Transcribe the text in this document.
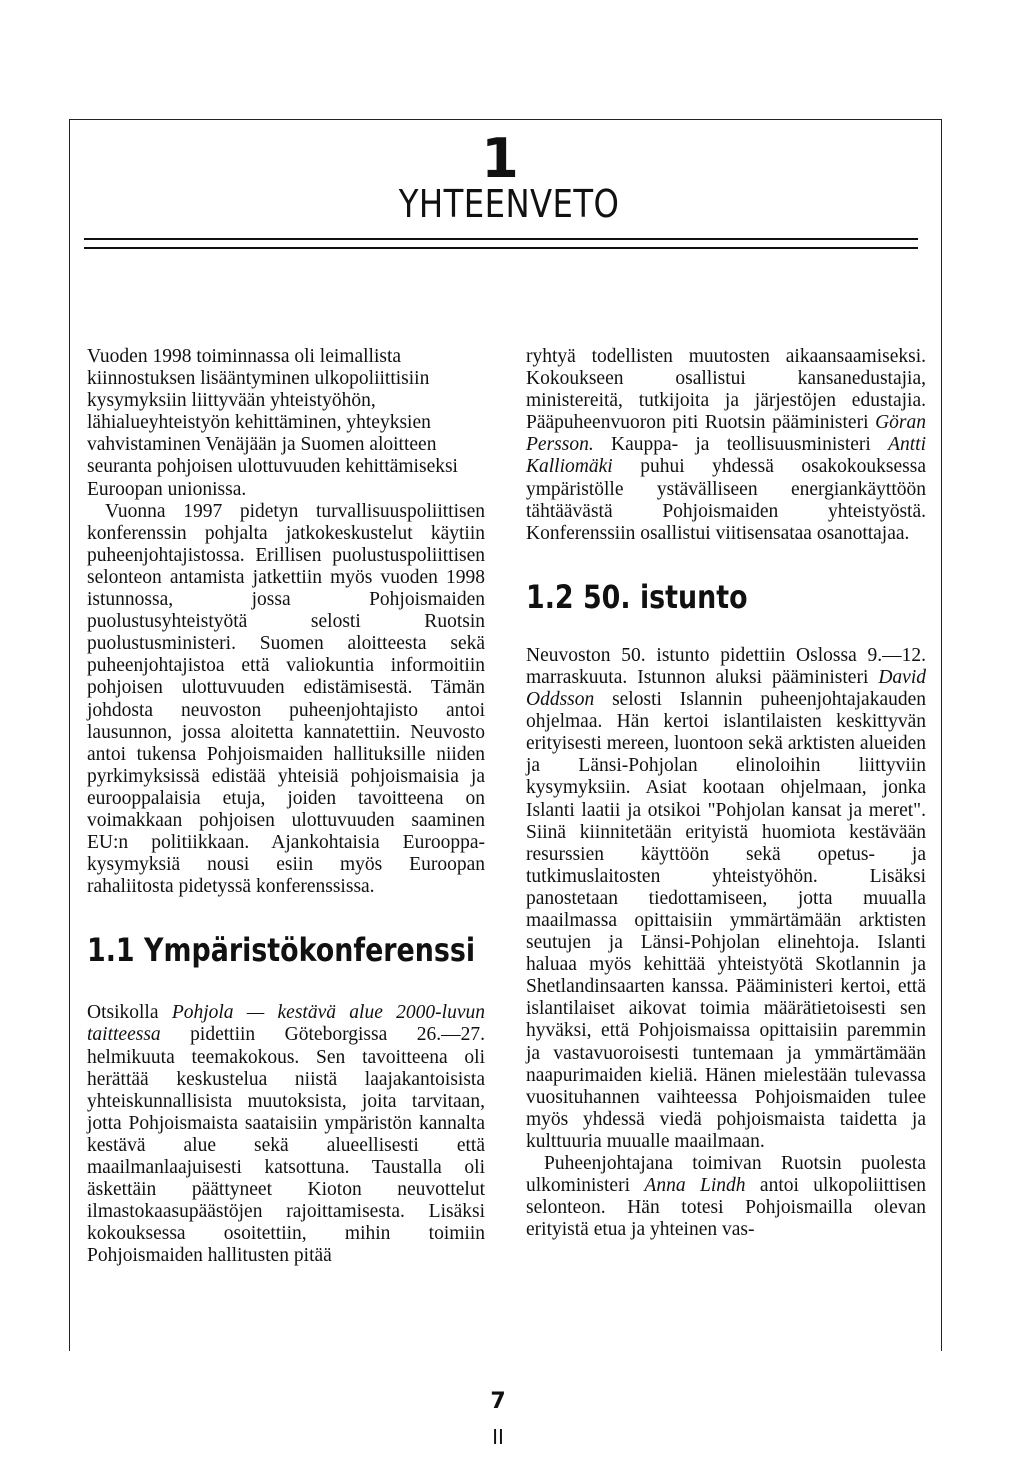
1
YHTEENVETO

Vuoden 1998 toiminnassa oli leimallista kiinnostuksen lisääntyminen ulkopoliittisiin kysymyksiin liittyvään yhteistyöhön, lähialueyhteistyön kehittäminen, yhteyksien vahvistaminen Venäjään ja Suomen aloitteen seuranta pohjoisen ulottuvuuden kehittämiseksi Euroopan unionissa.

Vuonna 1997 pidetyn turvallisuuspoliittisen konferenssin pohjalta jatkokeskustelut käytiin puheenjohtajistossa. Erillisen puolustuspoliittisen selonteon antamista jatkettiin myös vuoden 1998 istunnossa, jossa Pohjoismaiden puolustusyhteistyötä selosti Ruotsin puolustusministeri. Suomen aloitteesta sekä puheenjohtajistoa että valiokuntia informoitiin pohjoisen ulottuvuuden edistämisestä. Tämän johdosta neuvoston puheenjohtajisto antoi lausunnon, jossa aloitetta kannatettiin. Neuvosto antoi tukensa Pohjoismaiden hallituksille niiden pyrkimyksissä edistää yhteisiä pohjoismaisia ja eurooppalaisia etuja, joiden tavoitteena on voimakkaan pohjoisen ulottuvuuden saaminen EU:n politiikkaan. Ajankohtaisia Eurooppa-kysymyksiä nousi esiin myös Euroopan rahaliitosta pidetyssä konferenssissa.

1.1 Ympäristökonferenssi

Otsikolla Pohjola — kestävä alue 2000-luvun taitteessa pidettiin Göteborgissa 26.—27. helmikuuta teemakokous. Sen tavoitteena oli herättää keskustelua niistä laajakantoisista yhteiskunnallisista muutoksista, joita tarvitaan, jotta Pohjoismaista saataisiin ympäristön kannalta kestävä alue sekä alueellisesti että maailmanlaajuisesti katsottuna. Taustalla oli äskettäin päättyneet Kioton neuvottelut ilmastokaasupäästöjen rajoittamisesta. Lisäksi kokouksessa osoitettiin, mihin toimiin Pohjoismaiden hallitusten pitää

ryhtyä todellisten muutosten aikaansaamiseksi. Kokoukseen osallistui kansanedustajia, ministereitä, tutkijoita ja järjestöjen edustajia. Pääpuheenvuoron piti Ruotsin pääministeri Göran Persson. Kauppa- ja teollisuusministeri Antti Kalliomäki puhui yhdessä osakokouksessa ympäristölle ystävälliseen energiankäyttöön tähtäävästä Pohjoismaiden yhteistyöstä. Konferenssiin osallistui viitisensataa osanottajaa.

1.2 50. istunto

Neuvoston 50. istunto pidettiin Oslossa 9.—12. marraskuuta. Istunnon aluksi pääministeri David Oddsson selosti Islannin puheenjohtajakauden ohjelmaa. Hän kertoi islantilaisten keskittyvän erityisesti mereen, luontoon sekä arktisten alueiden ja Länsi-Pohjolan elinoloihin liittyviin kysymyksiin. Asiat kootaan ohjelmaan, jonka Islanti laatii ja otsikoi "Pohjolan kansat ja meret". Siinä kiinnitetään erityistä huomiota kestävään resurssien käyttöön sekä opetus- ja tutkimuslaitosten yhteistyöhön. Lisäksi panostetaan tiedottamiseen, jotta muualla maailmassa opittaisiin ymmärtämään arktisten seutujen ja Länsi-Pohjolan elinehtoja. Islanti haluaa myös kehittää yhteistyötä Skotlannin ja Shetlandinsaarten kanssa. Pääministeri kertoi, että islantilaiset aikovat toimia määrätietoisesti sen hyväksi, että Pohjoismaissa opittaisiin paremmin ja vastavuoroisesti tuntemaan ja ymmärtämään naapurimaiden kieliä. Hänen mielestään tulevassa vuosituhannen vaihteessa Pohjoismaiden tulee myös yhdessä viedä pohjoismaista taidetta ja kulttuuria muualle maailmaan.

Puheenjohtajana toimivan Ruotsin puolesta ulkoministeri Anna Lindh antoi ulkopoliittisen selonteon. Hän totesi Pohjoismailla olevan erityistä etua ja yhteinen vas-

7
II
